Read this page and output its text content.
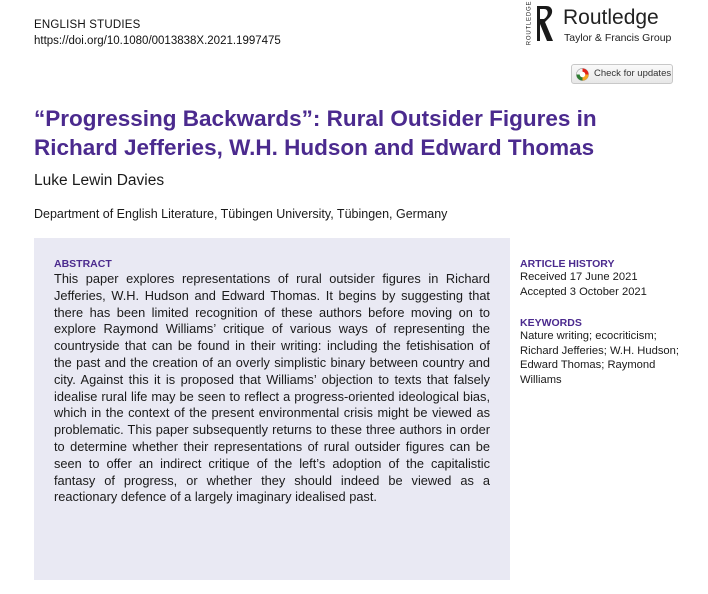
ENGLISH STUDIES
https://doi.org/10.1080/0013838X.2021.1997475	ROUTLEDGE Routledge
Taylor & Francis Group
Check for updates
“Progressing Backwards”: Rural Outsider Figures in Richard Jefferies, W.H. Hudson and Edward Thomas
Luke Lewin Davies
Department of English Literature, Tübingen University, Tübingen, Germany
ABSTRACT

This paper explores representations of rural outsider figures in Richard Jefferies, W.H. Hudson and Edward Thomas. It begins by suggesting that there has been limited recognition of these authors before moving on to explore Raymond Williams’ critique of various ways of representing the countryside that can be found in their writing: including the fetishisation of the past and the creation of an overly simplistic binary between country and city. Against this it is proposed that Williams’ objection to texts that falsely idealise rural life may be seen to reflect a progress-oriented ideological bias, which in the context of the present environmental crisis might be viewed as problematic. This paper subsequently returns to these three authors in order to determine whether their representations of rural outsider figures can be seen to offer an indirect critique of the left’s adoption of the capitalistic fantasy of progress, or whether they should indeed be viewed as a reactionary defence of a largely imaginary idealised past.

ARTICLE HISTORY
Received 17 June 2021
Accepted 3 October 2021
KEYWORDS
Nature writing; ecocriticism; Richard Jefferies; W.H. Hudson; Edward Thomas; Raymond Williams
